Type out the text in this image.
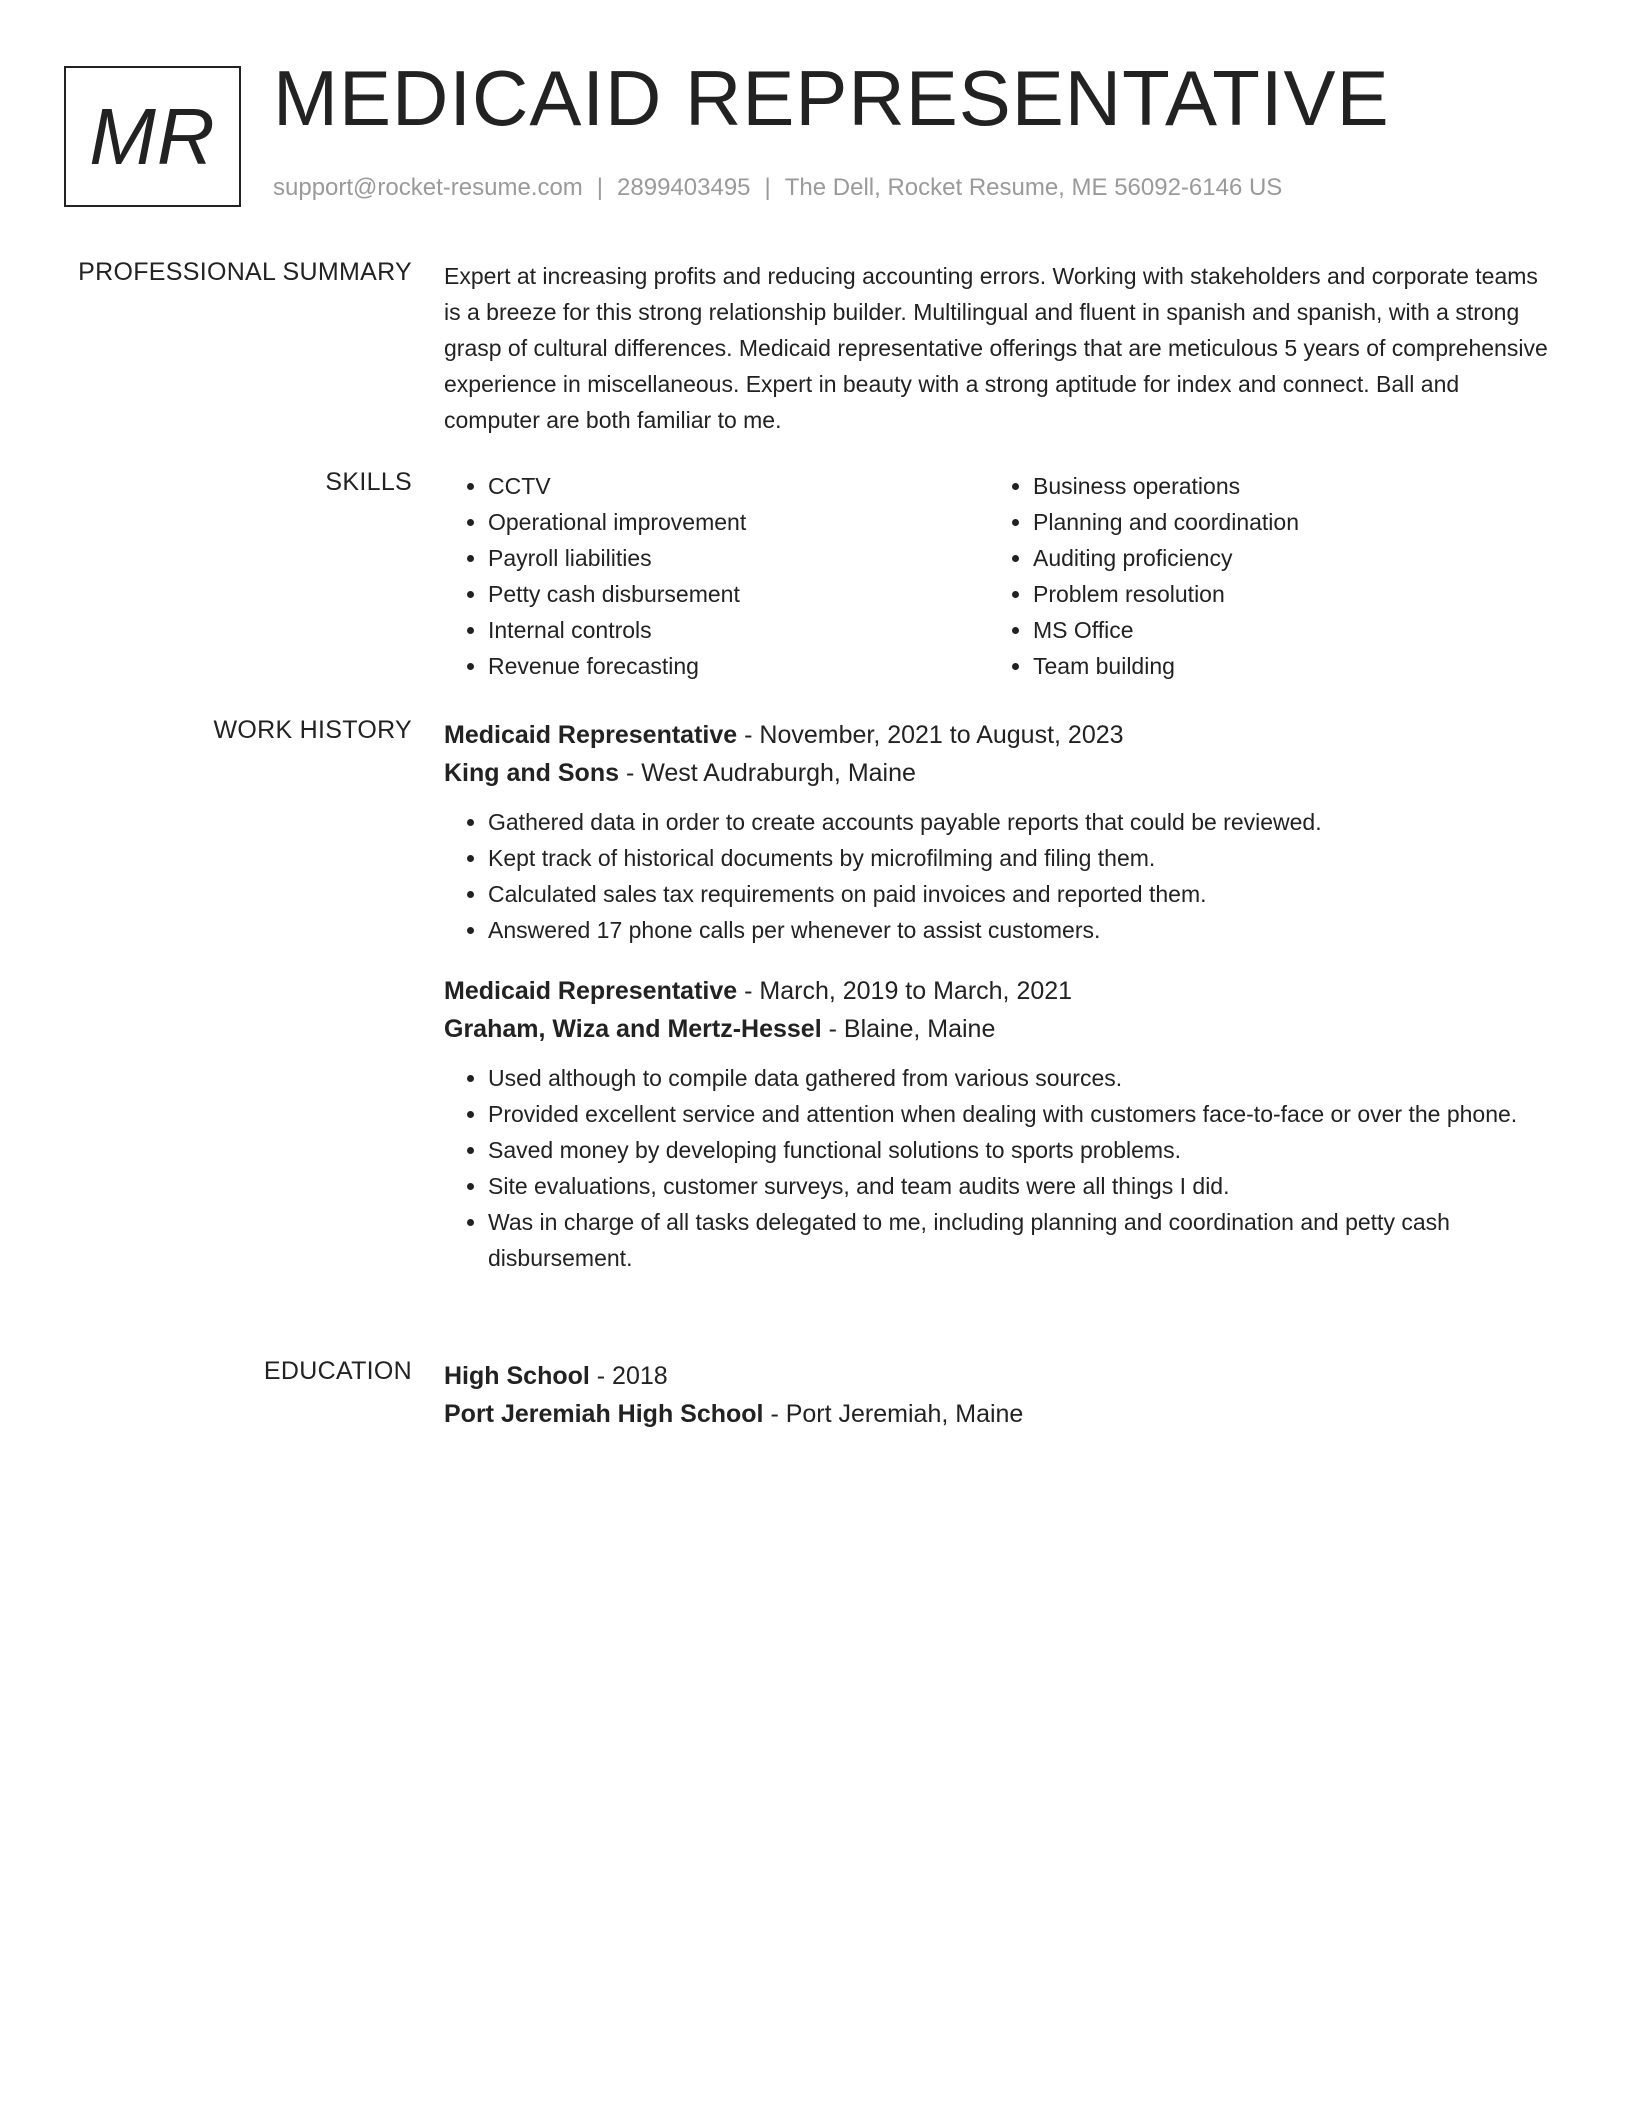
MR MEDICAID REPRESENTATIVE
support@rocket-resume.com | 2899403495 | The Dell, Rocket Resume, ME 56092-6146 US
PROFESSIONAL SUMMARY Expert at increasing profits and reducing accounting errors. Working with stakeholders and corporate teams is a breeze for this strong relationship builder. Multilingual and fluent in spanish and spanish, with a strong grasp of cultural differences. Medicaid representative offerings that are meticulous 5 years of comprehensive experience in miscellaneous. Expert in beauty with a strong aptitude for index and connect. Ball and computer are both familiar to me.

SKILLS
•	CCTV
• Operational improvement
• Payroll liabilities
• Petty cash disbursement
• Internal controls
• Revenue forecasting
• Business operations
• Planning and coordination
• Auditing proficiency
• Problem resolution
• MS Office
• Team building
WORK HISTORY Medicaid Representative - November, 2021 to August, 2023
King and Sons - West Audraburgh, Maine
• Gathered data in order to create accounts payable reports that could be reviewed.
• Kept track of historical documents by microfilming and filing them.
• Calculated sales tax requirements on paid invoices and reported them.
• Answered 17 phone calls per whenever to assist customers.
Medicaid Representative - March, 2019 to March, 2021
Graham, Wiza and Mertz-Hessel - Blaine, Maine
• Used although to compile data gathered from various sources.
• Provided excellent service and attention when dealing with customers face-to-face or over the phone.
• Saved money by developing functional solutions to sports problems.
• Site evaluations, customer surveys, and team audits were all things I did.
• Was in charge of all tasks delegated to me, including planning and coordination and petty cash disbursement.
EDUCATION High School - 2018
Port Jeremiah High School - Port Jeremiah, Maine
